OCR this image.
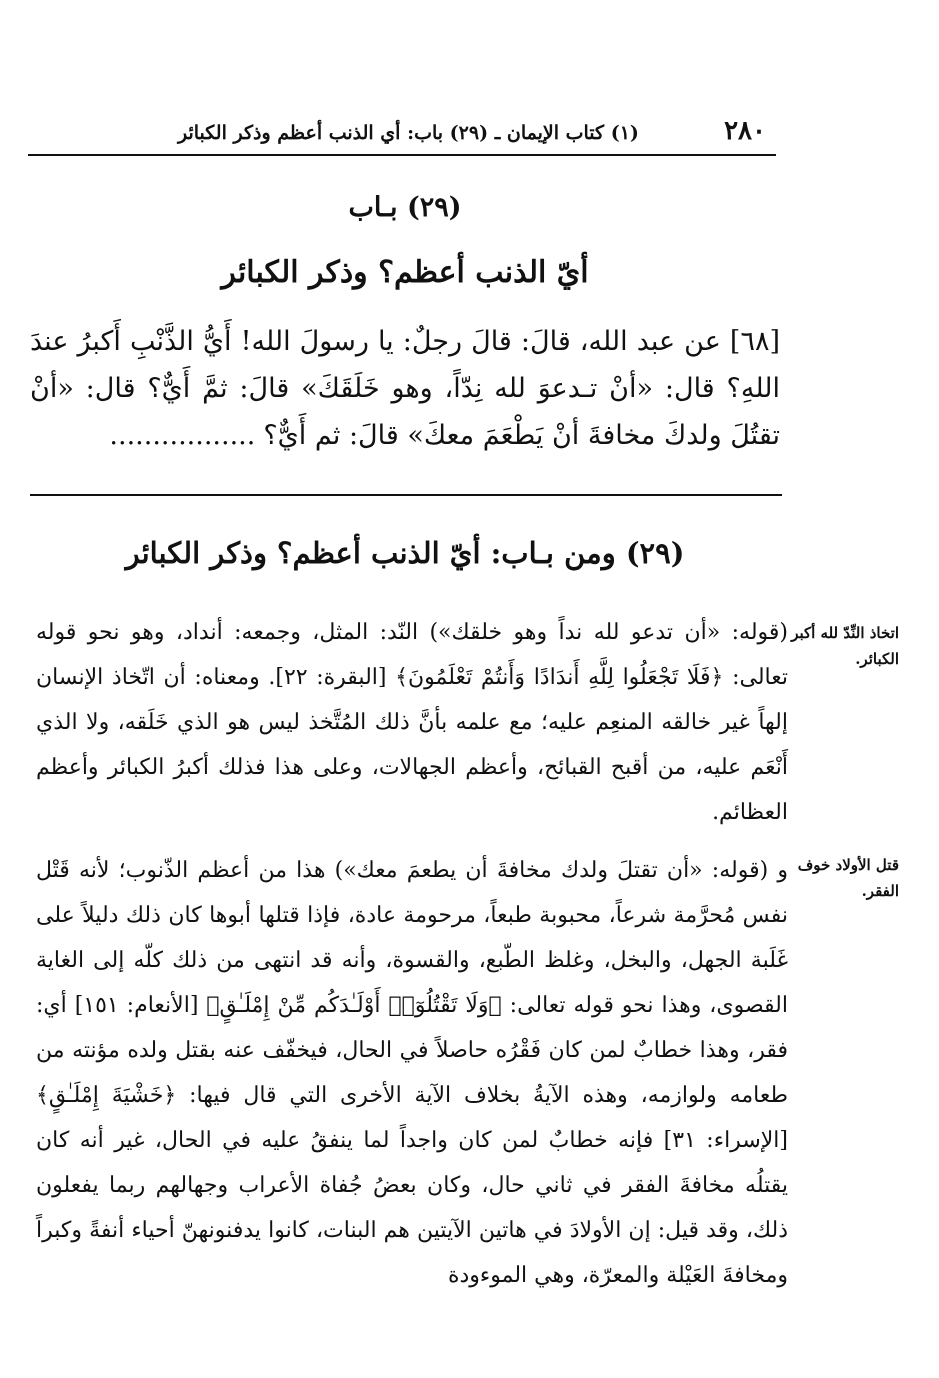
٢٨٠
(١) كتاب الإيمان ـ (٢٩) باب: أي الذنب أعظم وذكر الكبائر
(٢٩) بـاب
أيّ الذنب أعظم؟ وذكر الكبائر

[٦٨] عن عبد الله، قالَ: قالَ رجلٌ: يا رسولَ الله! أَيُّ الذَّنْبِ أَكبرُ عندَ اللهِ؟ قال: «أنْ تـدعوَ لله نِدّاً، وهو خَلَقَكَ» قالَ: ثمَّ أَيٌّ؟ قال: «أنْ تقتُلَ ولدكَ مخافةَ أنْ يَطْعَمَ معكَ» قالَ: ثم أَيٌّ؟.................

(٢٩) ومن بـاب: أيّ الذنب أعظم؟ وذكر الكبائر
اتخاذ النِّدّ لله أكبر الكبائر.

(قوله: «أن تدعو لله نداً وهو خلقك») النّد: المثل، وجمعه: أنداد، وهو نحو قوله تعالى: ﴿فَلَا تَجْعَلُوا لِلَّهِ أَندَادًا وَأَنتُمْ تَعْلَمُونَ﴾ [البقرة: ٢٢]. ومعناه: أن اتّخاذ الإنسان إلهاً غير خالقه المنعِم عليه؛ مع علمه بأنَّ ذلك المُتَّخذ ليس هو الذي خَلَقه، ولا الذي أَنْعَم عليه، من أقبح القبائح، وأعظم الجهالات، وعلى هذا فذلك أكبرُ الكبائر وأعظم العظائم.

قتل الأولاد خوف الفقر.

و (قوله: «أن تقتلَ ولدك مخافةَ أن يطعمَ معك») هذا من أعظم الذّنوب؛ لأنه قَتْل نفس مُحرَّمة شرعاً، محبوبة طبعاً، مرحومة عادة، فإذا قتلها أبوها كان ذلك دليلاً على غَلَبة الجهل، والبخل، وغلظ الطّبع، والقسوة، وأنه قد انتهى من ذلك كلّه إلى الغاية القصوى، وهذا نحو قوله تعالى: ﴿وَلَا تَقْتُلُوٓا۟ أَوْلَـٰدَكُم مِّنْ إِمْلَـٰقٍ﴾ [الأنعام: ١٥١] أي: فقر، وهذا خطابٌ لمن كان فَقْرُه حاصلاً في الحال، فيخفّف عنه بقتل ولده مؤنته من طعامه ولوازمه، وهذه الآيةُ بخلاف الآية الأخرى التي قال فيها: ﴿خَشْيَةَ إِمْلَـٰقٍ﴾ [الإسراء: ٣١] فإنه خطابٌ لمن كان واجداً لما ينفقُ عليه في الحال، غير أنه كان يقتلُه مخافةَ الفقر في ثاني حال، وكان بعضُ جُفاة الأعراب وجهالهم ربما يفعلون ذلك، وقد قيل: إن الأولادَ في هاتين الآيتين هم البنات، كانوا يدفنونهنّ أحياء أنفةً وكبراً ومخافةَ العَيْلة والمعرّة، وهي الموءودة
